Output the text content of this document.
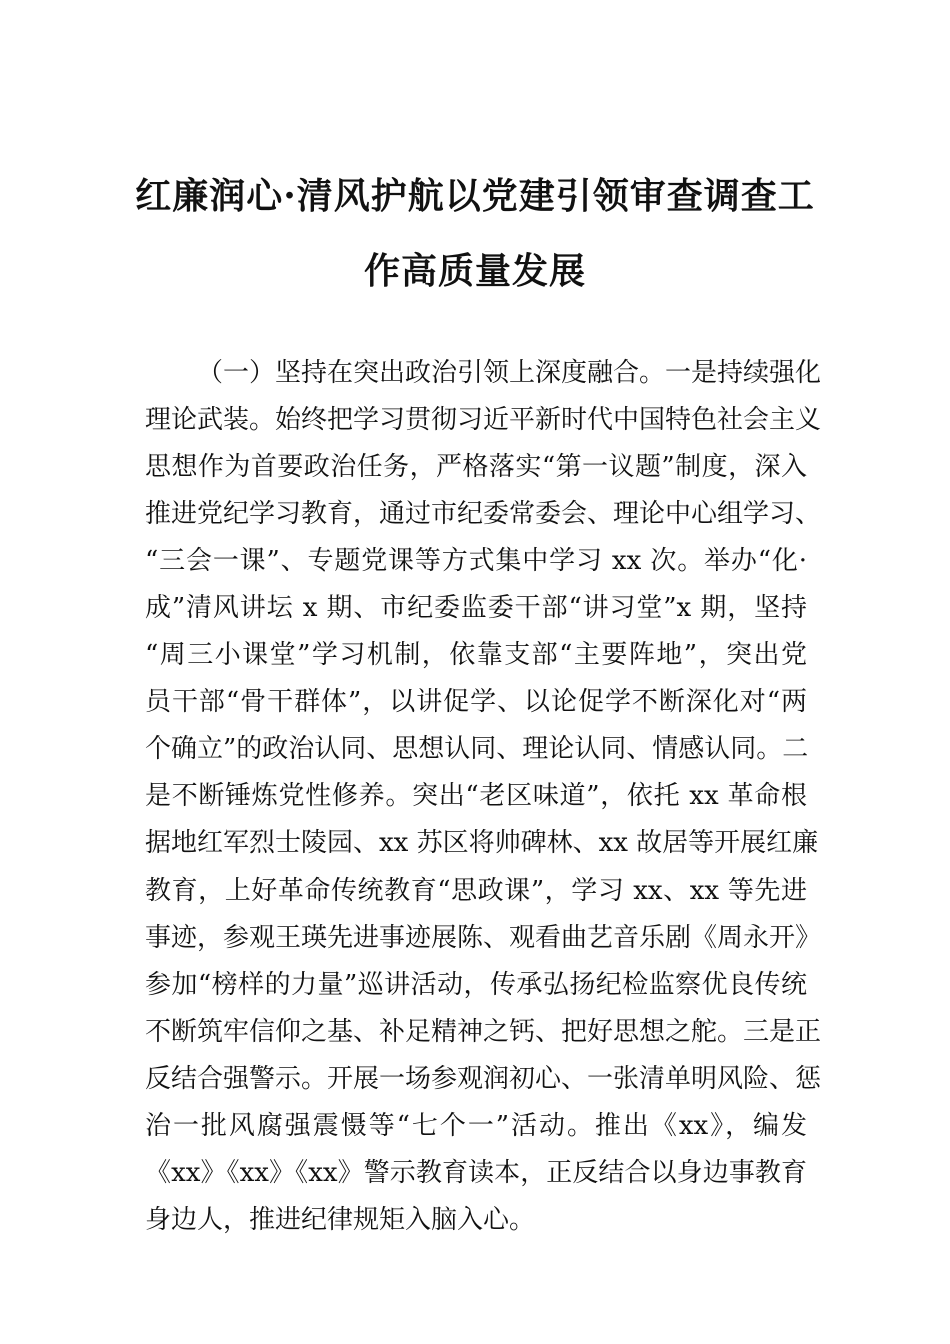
红廉润心·清风护航以党建引领审查调查工
作高质量发展
（一）坚持在突出政治引领上深度融合。一是持续强化
理论武装。始终把学习贯彻习近平新时代中国特色社会主义
思想作为首要政治任务，严格落实“第一议题”制度，深入
推进党纪学习教育，通过市纪委常委会、理论中心组学习、
“三会一课”、专题党课等方式集中学习 xx 次。举办“化·
成”清风讲坛 x 期、市纪委监委干部“讲习堂”x 期，坚持
“周三小课堂”学习机制，依靠支部“主要阵地”，突出党
员干部“骨干群体”，以讲促学、以论促学不断深化对“两
个确立”的政治认同、思想认同、理论认同、情感认同。二
是不断锤炼党性修养。突出“老区味道”，依托 xx 革命根
据地红军烈士陵园、xx 苏区将帅碑林、xx 故居等开展红廉
教育，上好革命传统教育“思政课”，学习 xx、xx 等先进
事迹，参观王瑛先进事迹展陈、观看曲艺音乐剧《周永开》
参加“榜样的力量”巡讲活动，传承弘扬纪检监察优良传统
不断筑牢信仰之基、补足精神之钙、把好思想之舵。三是正
反结合强警示。开展一场参观润初心、一张清单明风险、惩
治一批风腐强震慑等“七个一”活动。推出《xx》，编发
《xx》《xx》《xx》警示教育读本，正反结合以身边事教育
身边人，推进纪律规矩入脑入心。
